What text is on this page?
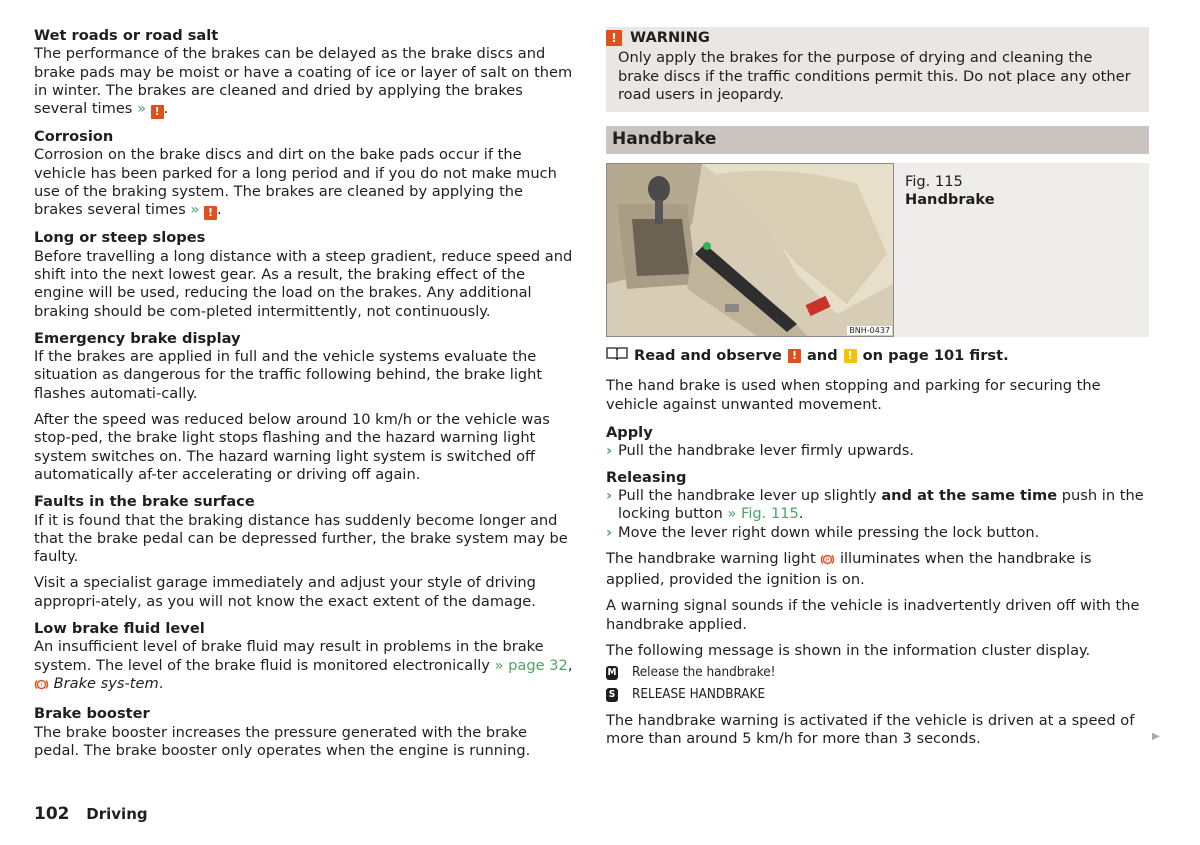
Wet roads or road salt
The performance of the brakes can be delayed as the brake discs and brake pads may be moist or have a coating of ice or layer of salt on them in winter. The brakes are cleaned and dried by applying the brakes several times » ! .
Corrosion
Corrosion on the brake discs and dirt on the bake pads occur if the vehicle has been parked for a long period and if you do not make much use of the braking system. The brakes are cleaned by applying the brakes several times » ! .
Long or steep slopes
Before travelling a long distance with a steep gradient, reduce speed and shift into the next lowest gear. As a result, the braking effect of the engine will be used, reducing the load on the brakes. Any additional braking should be com-pleted intermittently, not continuously.
Emergency brake display

If the brakes are applied in full and the vehicle systems evaluate the situation as dangerous for the traffic following behind, the brake light flashes automati-cally.

After the speed was reduced below around 10 km/h or the vehicle was stop-ped, the brake light stops flashing and the hazard warning light system switches on. The hazard warning light system is switched off automatically af-ter accelerating or driving off again.

Faults in the brake surface

If it is found that the braking distance has suddenly become longer and that the brake pedal can be depressed further, the brake system may be faulty.

Visit a specialist garage immediately and adjust your style of driving appropri-ately, as you will not know the exact extent of the damage.

Low brake fluid level
An insufficient level of brake fluid may result in problems in the brake system. The level of the brake fluid is monitored electronically » page 32,
! Brake sys-tem.
Brake booster
The brake booster increases the pressure generated with the brake pedal. The brake booster only operates when the engine is running.
! WARNING
Only apply the brakes for the purpose of drying and cleaning the brake discs if the traffic conditions permit this. Do not place any other road users in jeopardy.
Handbrake
BNH-0437
Fig. 115
Handbrake
Read and observe ! and ! on page 101 first.

The hand brake is used when stopping and parking for securing the vehicle against unwanted movement.

Apply
› Pull the handbrake lever firmly upwards.
Releasing
› Pull the handbrake lever up slightly and at the same time push in the locking button » Fig. 115.
› Move the lever right down while pressing the lock button.

The handbrake warning light P illuminates when the handbrake is applied, provided the ignition is on.

A warning signal sounds if the vehicle is inadvertently driven off with the handbrake applied.

The following message is shown in the information cluster display.

M Release the handbrake!
S RELEASE HANDBRAKE

The handbrake warning is activated if the vehicle is driven at a speed of more than around 5 km/h for more than 3 seconds.	▶
102 Driving
